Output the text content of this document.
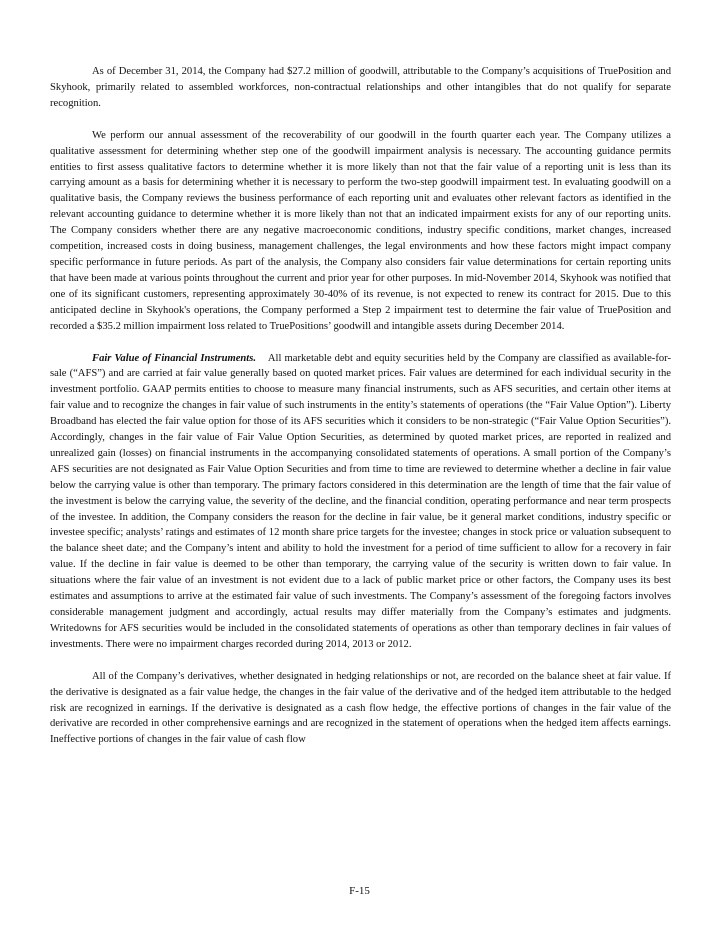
As of December 31, 2014, the Company had $27.2 million of goodwill, attributable to the Company’s acquisitions of TruePosition and Skyhook, primarily related to assembled workforces, non-contractual relationships and other intangibles that do not qualify for separate recognition.

We perform our annual assessment of the recoverability of our goodwill in the fourth quarter each year. The Company utilizes a qualitative assessment for determining whether step one of the goodwill impairment analysis is necessary. The accounting guidance permits entities to first assess qualitative factors to determine whether it is more likely than not that the fair value of a reporting unit is less than its carrying amount as a basis for determining whether it is necessary to perform the two-step goodwill impairment test. In evaluating goodwill on a qualitative basis, the Company reviews the business performance of each reporting unit and evaluates other relevant factors as identified in the relevant accounting guidance to determine whether it is more likely than not that an indicated impairment exists for any of our reporting units. The Company considers whether there are any negative macroeconomic conditions, industry specific conditions, market changes, increased competition, increased costs in doing business, management challenges, the legal environments and how these factors might impact company specific performance in future periods. As part of the analysis, the Company also considers fair value determinations for certain reporting units that have been made at various points throughout the current and prior year for other purposes. In mid-November 2014, Skyhook was notified that one of its significant customers, representing approximately 30-40% of its revenue, is not expected to renew its contract for 2015. Due to this anticipated decline in Skyhook's operations, the Company performed a Step 2 impairment test to determine the fair value of TruePosition and recorded a $35.2 million impairment loss related to TruePositions’ goodwill and intangible assets during December 2014.

Fair Value of Financial Instruments. All marketable debt and equity securities held by the Company are classified as available-for-sale (“AFS”) and are carried at fair value generally based on quoted market prices. Fair values are determined for each individual security in the investment portfolio. GAAP permits entities to choose to measure many financial instruments, such as AFS securities, and certain other items at fair value and to recognize the changes in fair value of such instruments in the entity’s statements of operations (the “Fair Value Option”). Liberty Broadband has elected the fair value option for those of its AFS securities which it considers to be non-strategic (“Fair Value Option Securities”). Accordingly, changes in the fair value of Fair Value Option Securities, as determined by quoted market prices, are reported in realized and unrealized gain (losses) on financial instruments in the accompanying consolidated statements of operations. A small portion of the Company’s AFS securities are not designated as Fair Value Option Securities and from time to time are reviewed to determine whether a decline in fair value below the carrying value is other than temporary. The primary factors considered in this determination are the length of time that the fair value of the investment is below the carrying value, the severity of the decline, and the financial condition, operating performance and near term prospects of the investee. In addition, the Company considers the reason for the decline in fair value, be it general market conditions, industry specific or investee specific; analysts’ ratings and estimates of 12 month share price targets for the investee; changes in stock price or valuation subsequent to the balance sheet date; and the Company’s intent and ability to hold the investment for a period of time sufficient to allow for a recovery in fair value. If the decline in fair value is deemed to be other than temporary, the carrying value of the security is written down to fair value. In situations where the fair value of an investment is not evident due to a lack of public market price or other factors, the Company uses its best estimates and assumptions to arrive at the estimated fair value of such investments. The Company’s assessment of the foregoing factors involves considerable management judgment and accordingly, actual results may differ materially from the Company’s estimates and judgments. Writedowns for AFS securities would be included in the consolidated statements of operations as other than temporary declines in fair values of investments. There were no impairment charges recorded during 2014, 2013 or 2012.

All of the Company’s derivatives, whether designated in hedging relationships or not, are recorded on the balance sheet at fair value. If the derivative is designated as a fair value hedge, the changes in the fair value of the derivative and of the hedged item attributable to the hedged risk are recognized in earnings. If the derivative is designated as a cash flow hedge, the effective portions of changes in the fair value of the derivative are recorded in other comprehensive earnings and are recognized in the statement of operations when the hedged item affects earnings. Ineffective portions of changes in the fair value of cash flow

F-15
